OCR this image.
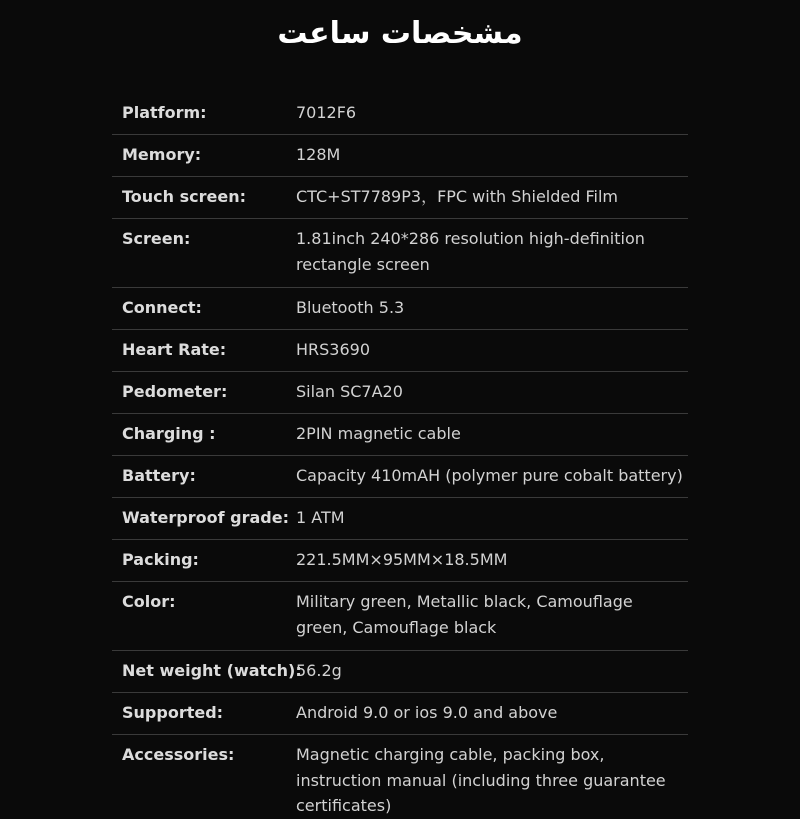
مشخصات ساعت
Platform:	7012F6
Memory:	128M
Touch screen:	CTC+ST7789P3，FPC with Shielded Film
Screen:	1.81inch 240*286 resolution high-definition rectangle screen
Connect:	Bluetooth 5.3
Heart Rate:	HRS3690
Pedometer:	Silan SC7A20
Charging :	2PIN magnetic cable
Battery:	Capacity 410mAH (polymer pure cobalt battery)
Waterproof grade: 1 ATM
Packing:	221.5MM×95MM×18.5MM
Color:	Military green, Metallic black, Camouflage green, Camouflage black
Net weight (watch):
56.2g
Supported:	Android 9.0 or ios 9.0 and above
Accessories:	Magnetic charging cable, packing box, instruction manual (including three guarantee certificates)
